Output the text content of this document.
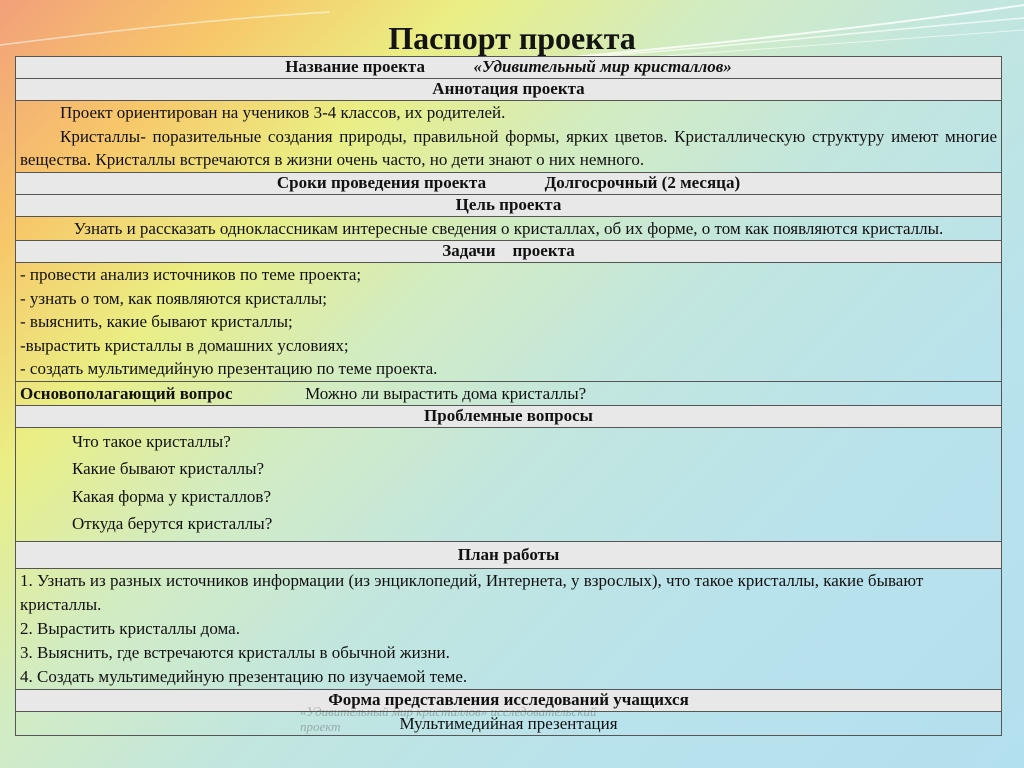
Паспорт проекта
Название проекта	«Удивительный мир кристаллов»
Аннотация проекта

Проект ориентирован на учеников 3-4 классов, их родителей.
Кристаллы- поразительные создания природы, правильной формы, ярких цветов. Кристаллическую структуру имеют многие вещества. Кристаллы встречаются в жизни очень часто, но дети знают о них немного.

Сроки проведения проекта	Долгосрочный (2 месяца)
Цель проекта
Узнать и рассказать одноклассникам интересные сведения о кристаллах, об их форме, о том как появляются кристаллы.
Задачи    проекта

- провести анализ источников по теме проекта;
- узнать о том, как появляются кристаллы;
- выяснить, какие бывают кристаллы;
-вырастить кристаллы в домашних условиях;
- создать мультимедийную презентацию по теме проекта.

Основополагающий вопрос	Можно ли вырастить дома кристаллы?
Проблемные вопросы

Что такое кристаллы?
Какие бывают кристаллы?
Какая форма у кристаллов?
Откуда берутся кристаллы?

План работы

1. Узнать из разных источников информации (из энциклопедий, Интернета, у взрослых), что такое кристаллы, какие бывают кристаллы.
2. Вырастить кристаллы дома.
3. Выяснить, где встречаются кристаллы в обычной жизни.
4. Создать мультимедийную презентацию по изучаемой теме.

Форма представления исследований учащихся
Мультимедийная презентация
«Удивительный мир кристаллов» исследовательский проект
